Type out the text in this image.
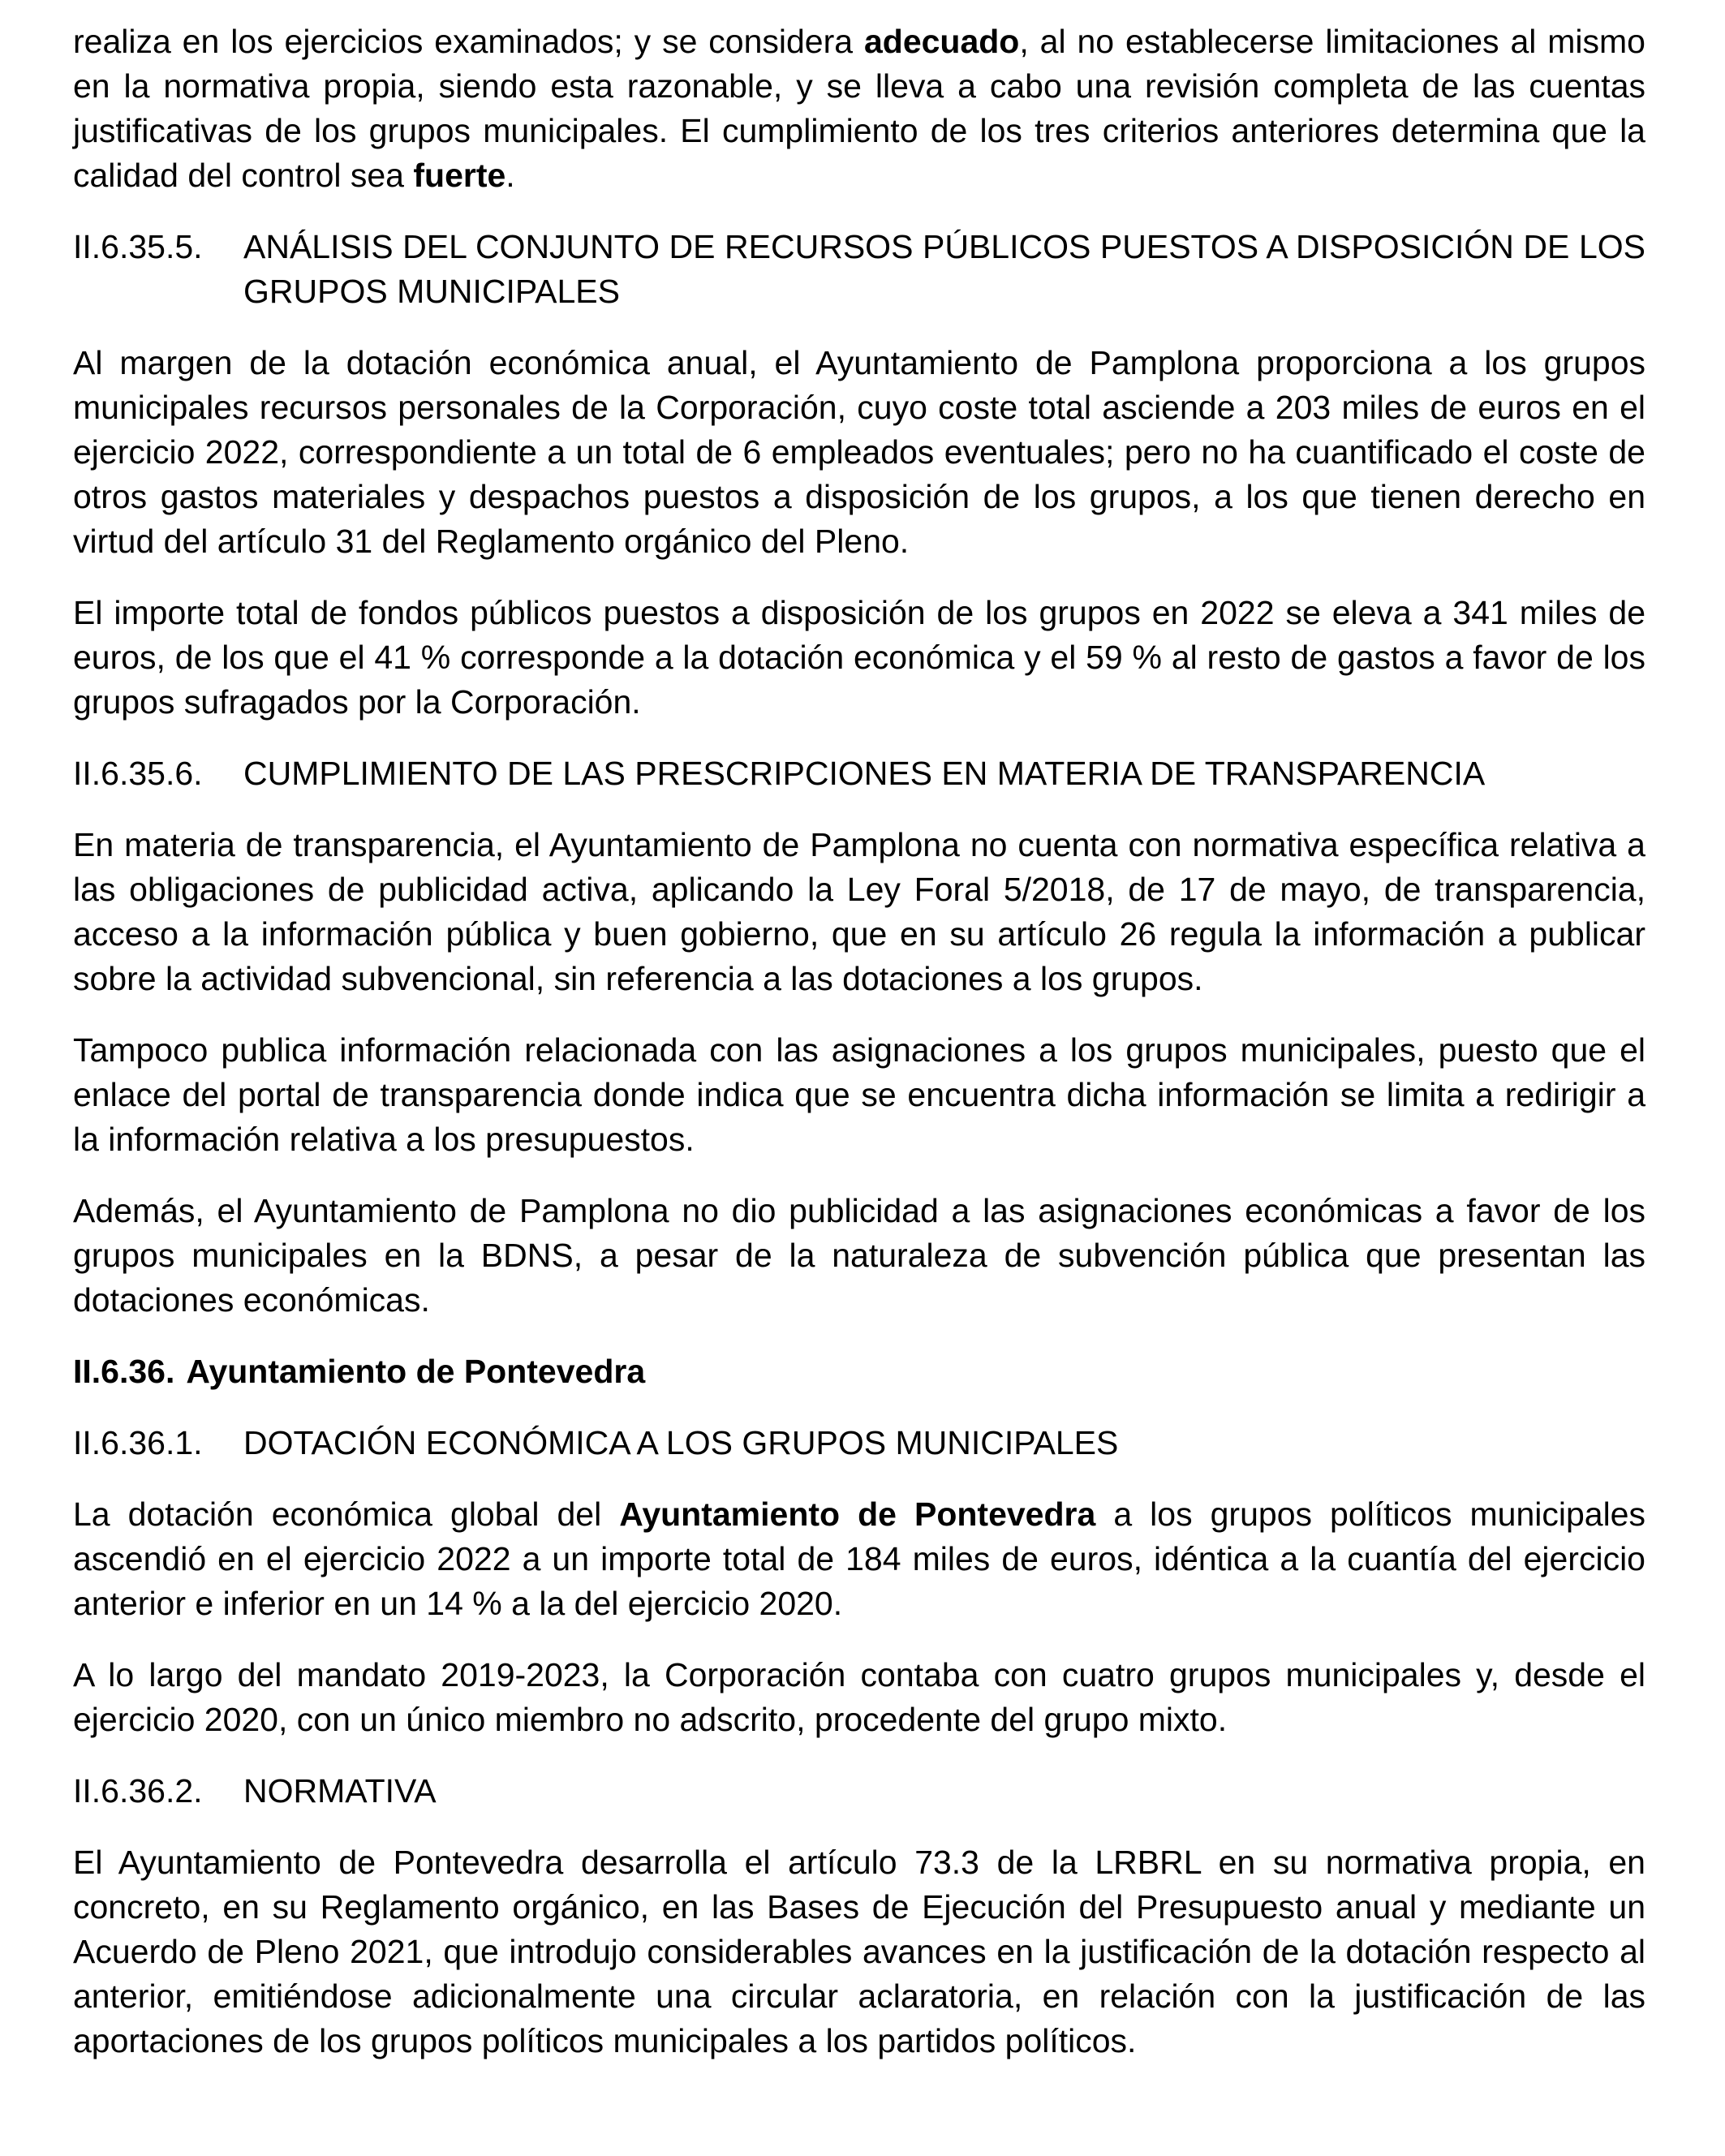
realiza en los ejercicios examinados; y se considera adecuado, al no establecerse limitaciones al mismo en la normativa propia, siendo esta razonable, y se lleva a cabo una revisión completa de las cuentas justificativas de los grupos municipales. El cumplimiento de los tres criterios anteriores determina que la calidad del control sea fuerte.

II.6.35.5.	ANÁLISIS DEL CONJUNTO DE RECURSOS PÚBLICOS PUESTOS A DISPOSICIÓN DE LOS GRUPOS MUNICIPALES

Al margen de la dotación económica anual, el Ayuntamiento de Pamplona proporciona a los grupos municipales recursos personales de la Corporación, cuyo coste total asciende a 203 miles de euros en el ejercicio 2022, correspondiente a un total de 6 empleados eventuales; pero no ha cuantificado el coste de otros gastos materiales y despachos puestos a disposición de los grupos, a los que tienen derecho en virtud del artículo 31 del Reglamento orgánico del Pleno.

El importe total de fondos públicos puestos a disposición de los grupos en 2022 se eleva a 341 miles de euros, de los que el 41 % corresponde a la dotación económica y el 59 % al resto de gastos a favor de los grupos sufragados por la Corporación.

II.6.35.6.	CUMPLIMIENTO DE LAS PRESCRIPCIONES EN MATERIA DE TRANSPARENCIA

En materia de transparencia, el Ayuntamiento de Pamplona no cuenta con normativa específica relativa a las obligaciones de publicidad activa, aplicando la Ley Foral 5/2018, de 17 de mayo, de transparencia, acceso a la información pública y buen gobierno, que en su artículo 26 regula la información a publicar sobre la actividad subvencional, sin referencia a las dotaciones a los grupos.

Tampoco publica información relacionada con las asignaciones a los grupos municipales, puesto que el enlace del portal de transparencia donde indica que se encuentra dicha información se limita a redirigir a la información relativa a los presupuestos.

Además, el Ayuntamiento de Pamplona no dio publicidad a las asignaciones económicas a favor de los grupos municipales en la BDNS, a pesar de la naturaleza de subvención pública que presentan las dotaciones económicas.

II.6.36. Ayuntamiento de Pontevedra

II.6.36.1.	DOTACIÓN ECONÓMICA A LOS GRUPOS MUNICIPALES

La dotación económica global del Ayuntamiento de Pontevedra a los grupos políticos municipales ascendió en el ejercicio 2022 a un importe total de 184 miles de euros, idéntica a la cuantía del ejercicio anterior e inferior en un 14 % a la del ejercicio 2020.

A lo largo del mandato 2019-2023, la Corporación contaba con cuatro grupos municipales y, desde el ejercicio 2020, con un único miembro no adscrito, procedente del grupo mixto.

II.6.36.2.	NORMATIVA

El Ayuntamiento de Pontevedra desarrolla el artículo 73.3 de la LRBRL en su normativa propia, en concreto, en su Reglamento orgánico, en las Bases de Ejecución del Presupuesto anual y mediante un Acuerdo de Pleno 2021, que introdujo considerables avances en la justificación de la dotación respecto al anterior, emitiéndose adicionalmente una circular aclaratoria, en relación con la justificación de las aportaciones de los grupos políticos municipales a los partidos políticos.
